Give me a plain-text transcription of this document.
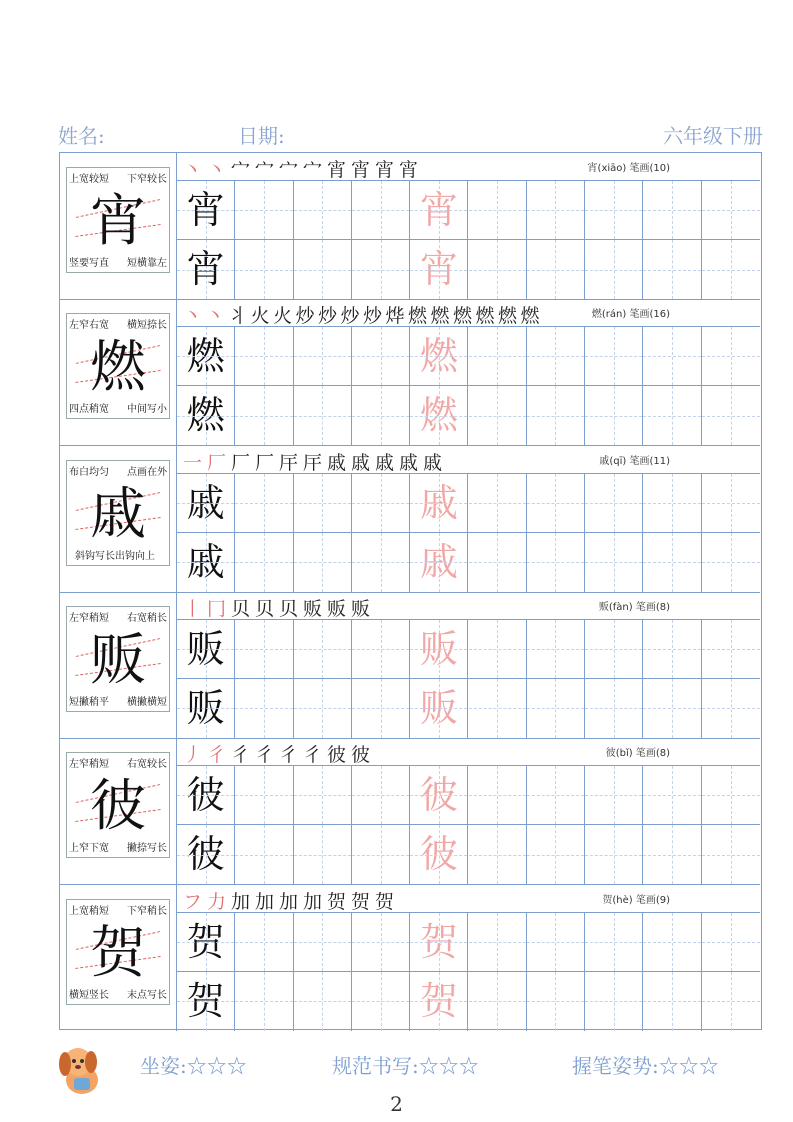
姓名:	日期:	六年级下册
宵
上宽较短 下窄较长
竖要写直 短横靠左
丶 丶 宀 宀 宀 宀 宵 宵 宵 宵	宵(xiāo) 笔画(10)
宵	宵
宵	宵
燃
左窄右宽 横短捺长
四点稍宽 中间写小
丶 丶 丬 火 火 炒 炒 炒 炒 烨 燃 燃 燃 燃 燃 燃	燃(rán) 笔画(16)
燃	燃
燃	燃
戚
布白均匀 点画在外
斜钩写长出钩向上
一 厂 厂 厂 厈 厈 戚 戚 戚 戚 戚	戚(qī) 笔画(11)
戚	戚
戚	戚
贩
左窄稍短 右宽稍长
短撇稍平 横撇横短
丨 冂 贝 贝 贝 贩 贩 贩	贩(fàn) 笔画(8)
贩	贩
贩	贩
彼
左窄稍短 右宽较长
上窄下宽 撇捺写长
丿 彳 彳 彳 彳 彳 彼 彼	彼(bǐ) 笔画(8)
彼	彼
彼	彼
贺
上宽稍短 下窄稍长
横短竖长 末点写长
フ 力 加 加 加 加 贺 贺 贺	贺(hè) 笔画(9)
贺	贺
贺	贺
坐姿:☆☆☆	规范书写:☆☆☆	握笔姿势:☆☆☆
2
